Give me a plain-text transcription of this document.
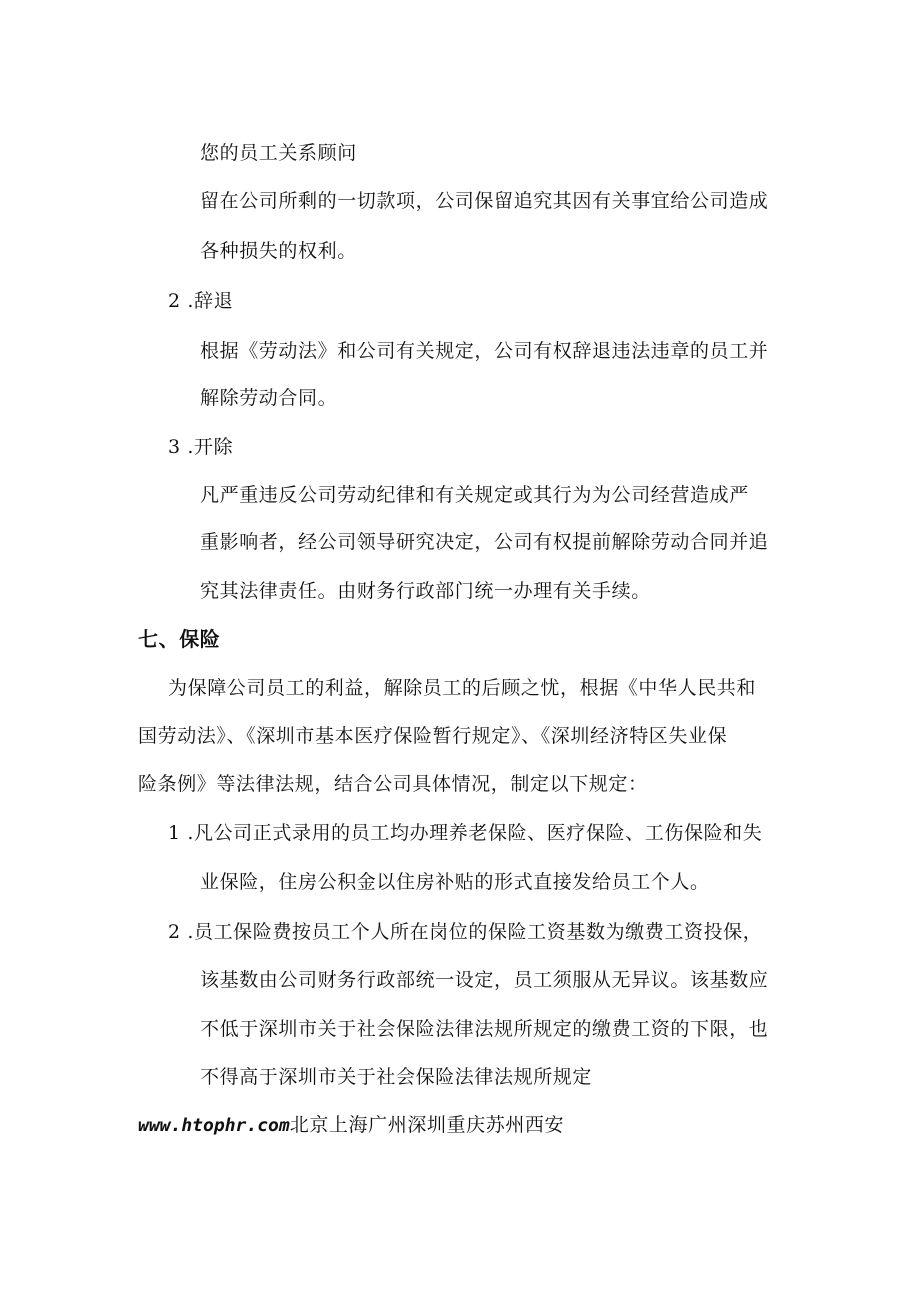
您的员工关系顾问
留在公司所剩的一切款项，公司保留追究其因有关事宜给公司造成
各种损失的权利。
2 .辞退
根据《劳动法》和公司有关规定，公司有权辞退违法违章的员工并
解除劳动合同。
3 .开除
凡严重违反公司劳动纪律和有关规定或其行为为公司经营造成严
重影响者，经公司领导研究决定，公司有权提前解除劳动合同并追
究其法律责任。由财务行政部门统一办理有关手续。
七、保险
为保障公司员工的利益，解除员工的后顾之忧，根据《中华人民共和
国劳动法》、《深圳市基本医疗保险暂行规定》、《深圳经济特区失业保
险条例》等法律法规，结合公司具体情况，制定以下规定：
1 .凡公司正式录用的员工均办理养老保险、医疗保险、工伤保险和失
业保险，住房公积金以住房补贴的形式直接发给员工个人。
2 .员工保险费按员工个人所在岗位的保险工资基数为缴费工资投保，
该基数由公司财务行政部统一设定，员工须服从无异议。该基数应
不低于深圳市关于社会保险法律法规所规定的缴费工资的下限，也
不得高于深圳市关于社会保险法律法规所规定
www.htophr.com北京上海广州深圳重庆苏州西安
